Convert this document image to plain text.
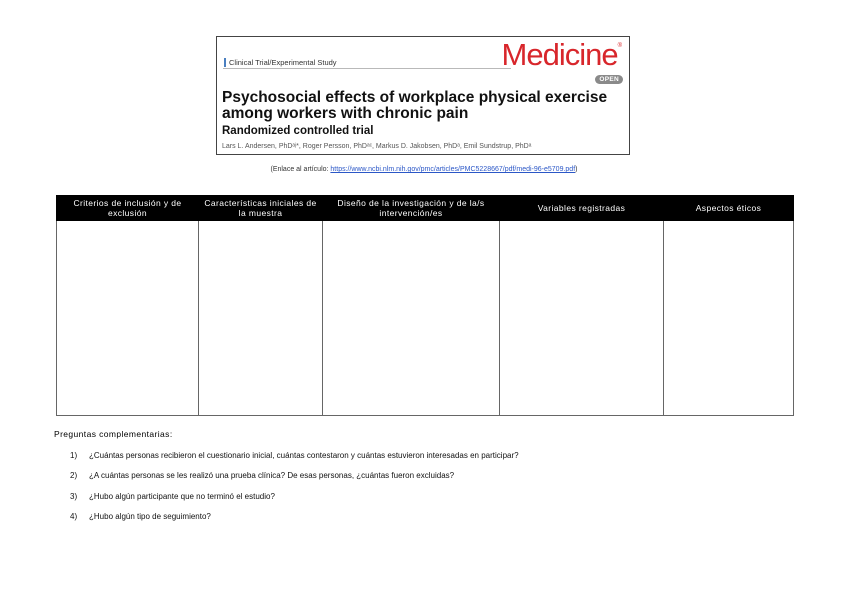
Clinical Trial/Experimental Study	Medicine®
OPEN
Psychosocial effects of workplace physical exercise among workers with chronic pain
Randomized controlled trial
Lars L. Andersen, PhDᵃʲ*, Roger Persson, PhDᵃᶜ, Markus D. Jakobsen, PhDᵃ, Emil Sundstrup, PhDᵃ
(Enlace al artículo: https://www.ncbi.nlm.nih.gov/pmc/articles/PMC5228667/pdf/medi-96-e5709.pdf)
Criterios de inclusión y de exclusión	Características iniciales de la muestra	Diseño de la investigación y de la/s intervención/es	Variables registradas	Aspectos éticos

Preguntas complementarias:
1) ¿Cuántas personas recibieron el cuestionario inicial, cuántas contestaron y cuántas estuvieron interesadas en participar?
2) ¿A cuántas personas se les realizó una prueba clínica? De esas personas, ¿cuántas fueron excluidas?
3) ¿Hubo algún participante que no terminó el estudio?
4) ¿Hubo algún tipo de seguimiento?
